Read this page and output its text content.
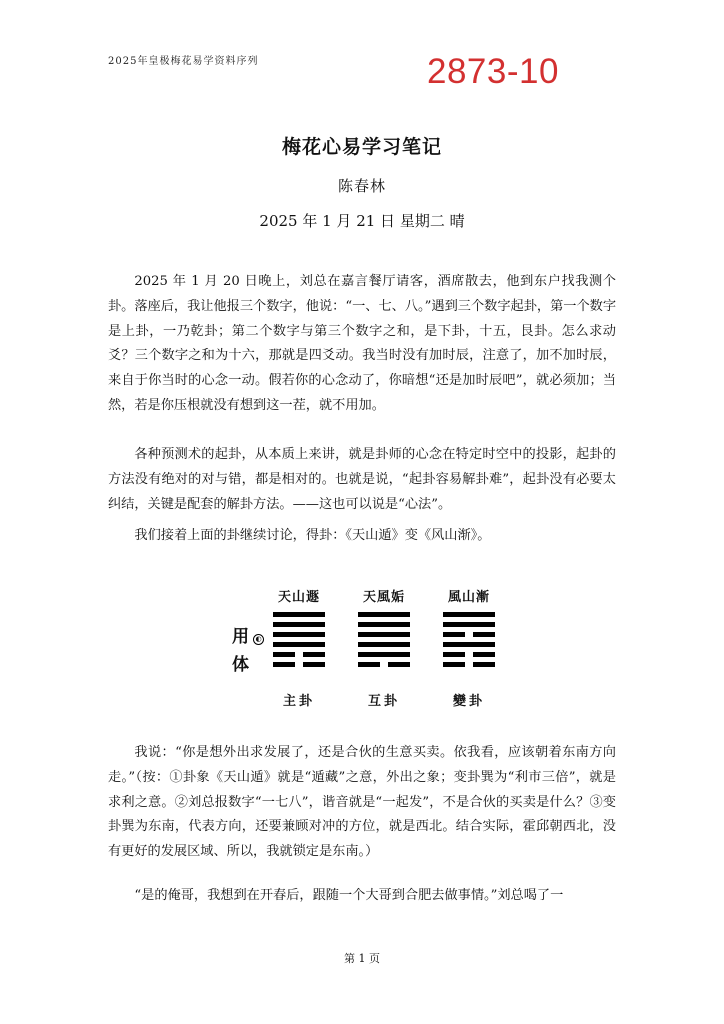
2025年皇极梅花易学资料序列	2873-10
梅花心易学习笔记
陈春林
2025 年 1 月 21 日 星期二 晴

2025 年 1 月 20 日晚上，刘总在嘉言餐厅请客，酒席散去，他到东户找我测个卦。落座后，我让他报三个数字，他说：“一、七、八。”遇到三个数字起卦，第一个数字是上卦，一乃乾卦；第二个数字与第三个数字之和，是下卦，十五，艮卦。怎么求动爻？三个数字之和为十六，那就是四爻动。我当时没有加时辰，注意了，加不加时辰，来自于你当时的心念一动。假若你的心念动了，你暗想“还是加时辰吧”，就必须加；当然，若是你压根就没有想到这一茬，就不用加。

各种预测术的起卦，从本质上来讲，就是卦师的心念在特定时空中的投影，起卦的方法没有绝对的对与错，都是相对的。也就是说，“起卦容易解卦难”，起卦没有必要太纠结，关键是配套的解卦方法。——这也可以说是“心法”。

我们接着上面的卦继续讨论，得卦：《天山遁》变《风山渐》。

用
体
◐
天山遯	天風姤	風山漸
主卦	互卦	變卦

我说：“你是想外出求发展了，还是合伙的生意买卖。依我看，应该朝着东南方向走。”（按：①卦象《天山遁》就是“遁藏”之意，外出之象；变卦巽为“利市三倍”，就是求利之意。②刘总报数字“一七八”，谐音就是“一起发”，不是合伙的买卖是什么？③变卦巽为东南，代表方向，还要兼顾对冲的方位，就是西北。结合实际，霍邱朝西北，没有更好的发展区域、所以，我就锁定是东南。）

“是的俺哥，我想到在开春后，跟随一个大哥到合肥去做事情。”刘总喝了一

第 1 页
